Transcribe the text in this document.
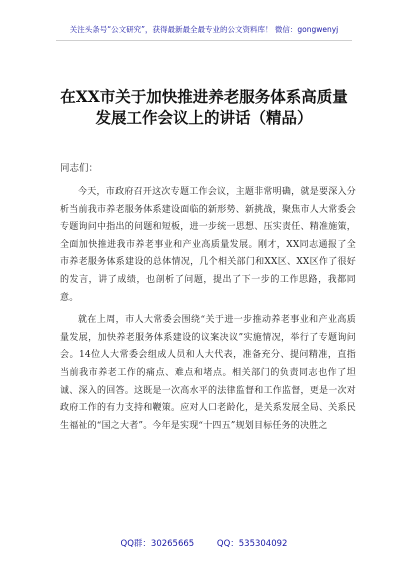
关注头条号“公文研究”，获得最新最全最专业的公文资料库！ 微信：gongwenyj
在XX市关于加快推进养老服务体系高质量发展工作会议上的讲话（精品）
同志们：

今天，市政府召开这次专题工作会议，主题非常明确，就是要深入分析当前我市养老服务体系建设面临的新形势、新挑战，聚焦市人大常委会专题询问中指出的问题和短板，进一步统一思想、压实责任、精准施策，全面加快推进我市养老事业和产业高质量发展。刚才，XX同志通报了全市养老服务体系建设的总体情况，几个相关部门和XX区、XX区作了很好的发言，讲了成绩，也剖析了问题，提出了下一步的工作思路，我都同意。

就在上周，市人大常委会围绕“关于进一步推动养老事业和产业高质量发展，加快养老服务体系建设的议案决议”实施情况，举行了专题询问会。14位人大常委会组成人员和人大代表，准备充分、提问精准，直指当前我市养老工作的痛点、难点和堵点。相关部门的负责同志也作了坦诚、深入的回答。这既是一次高水平的法律监督和工作监督，更是一次对政府工作的有力支持和鞭策。应对人口老龄化，是关系发展全局、关系民生福祉的“国之大者”。今年是实现“十四五”规划目标任务的决胜之

QQ群：30265665	QQ：535304092
